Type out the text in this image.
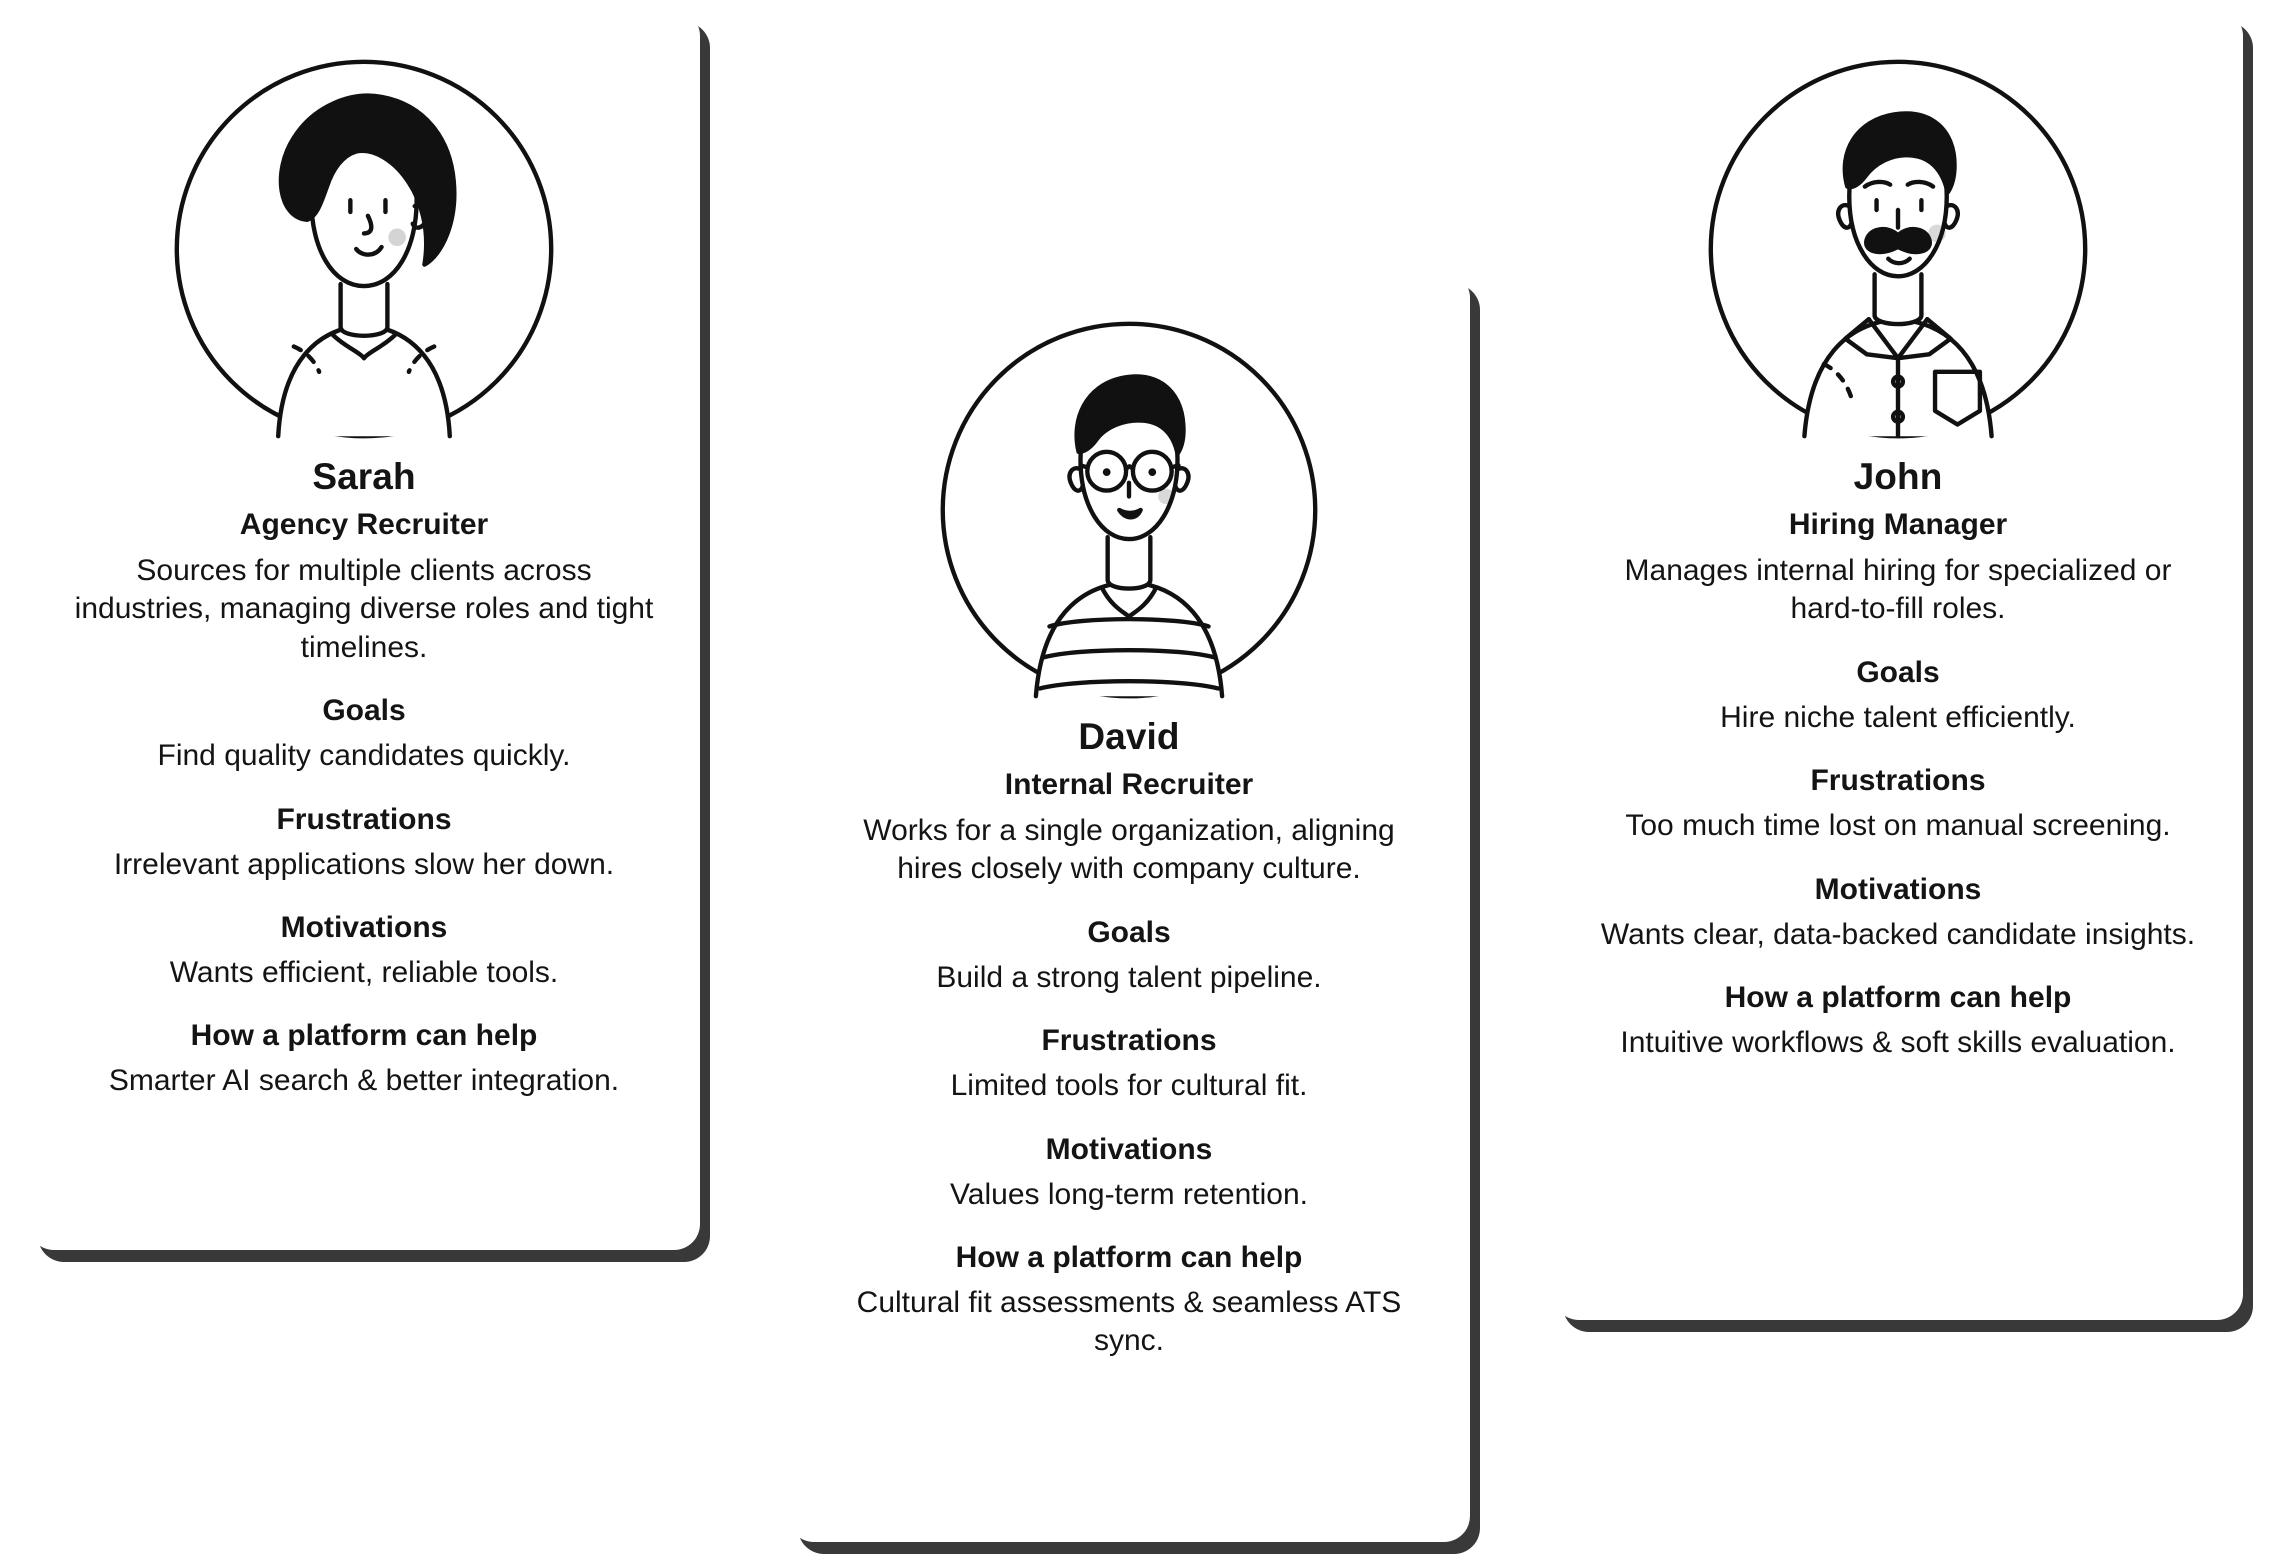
Sarah
Agency Recruiter
Sources for multiple clients across industries, managing diverse roles and tight timelines.
Goals
Find quality candidates quickly.
Frustrations
Irrelevant applications slow her down.
Motivations
Wants efficient, reliable tools.
How a platform can help
Smarter AI search & better integration.
David
Internal Recruiter
Works for a single organization, aligning hires closely with company culture.
Goals
Build a strong talent pipeline.
Frustrations
Limited tools for cultural fit.
Motivations
Values long-term retention.
How a platform can help
Cultural fit assessments & seamless ATS sync.
John
Hiring Manager
Manages internal hiring for specialized or hard-to-fill roles.
Goals
Hire niche talent efficiently.
Frustrations
Too much time lost on manual screening.
Motivations
Wants clear, data-backed candidate insights.
How a platform can help
Intuitive workflows & soft skills evaluation.
